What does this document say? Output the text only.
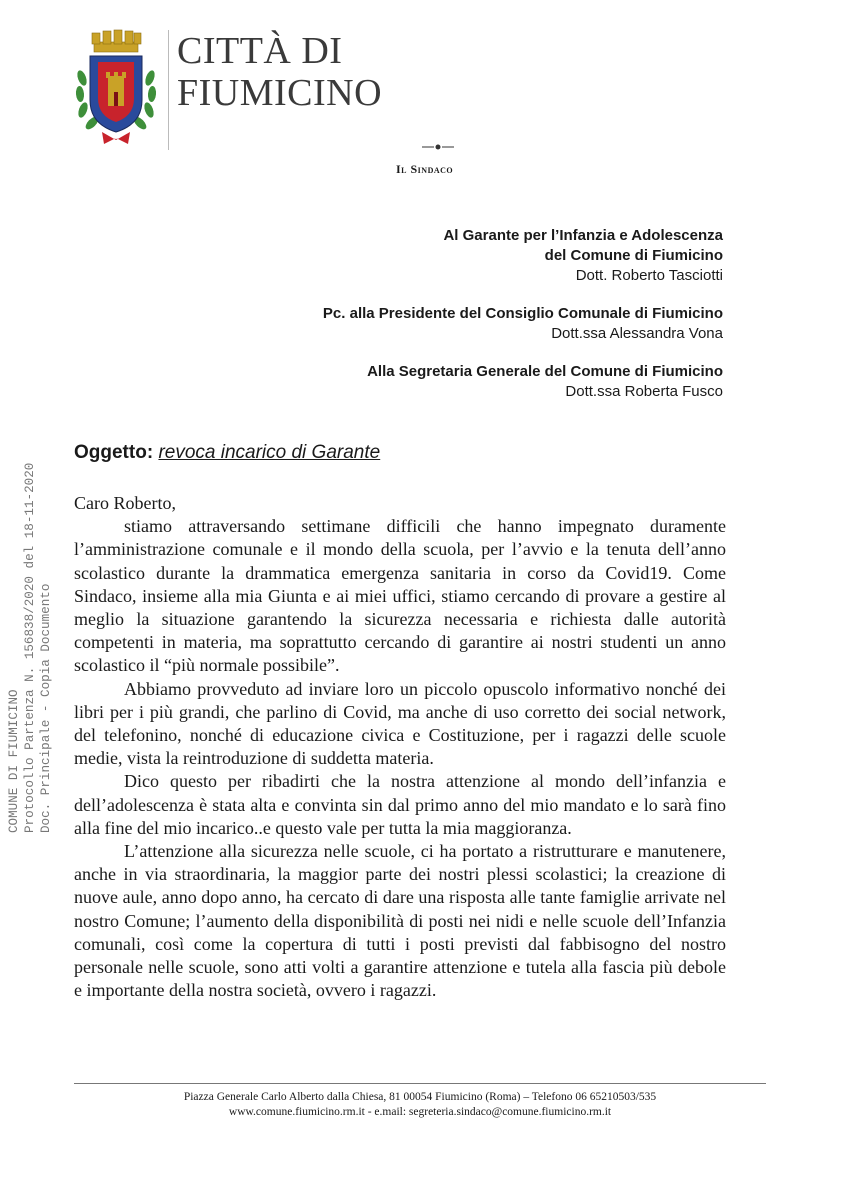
CITTÀ DI
FIUMICINO
Il Sindaco
Al Garante per l’Infanzia e Adolescenza
del Comune di Fiumicino
Dott. Roberto Tasciotti
Pc. alla Presidente del Consiglio Comunale di Fiumicino
Dott.ssa Alessandra Vona
Alla Segretaria Generale del Comune di Fiumicino
Dott.ssa Roberta Fusco
COMUNE DI FIUMICINO Protocollo Partenza N. 156838/2020 del 18-11-2020 Doc. Principale - Copia Documento
Oggetto: revoca incarico di Garante

Caro Roberto,

stiamo attraversando settimane difficili che hanno impegnato duramente l’amministrazione comunale e il mondo della scuola, per l’avvio e la tenuta dell’anno scolastico durante la drammatica emergenza sanitaria in corso da Covid19. Come Sindaco, insieme alla mia Giunta e ai miei uffici, stiamo cercando di provare a gestire al meglio la situazione garantendo la sicurezza necessaria e richiesta dalle autorità competenti in materia, ma soprattutto cercando di garantire ai nostri studenti un anno scolastico il “più normale possibile”.

Abbiamo provveduto ad inviare loro un piccolo opuscolo informativo nonché dei libri per i più grandi, che parlino di Covid, ma anche di uso corretto dei social network, del telefonino, nonché di educazione civica e Costituzione, per i ragazzi delle scuole medie, vista la reintroduzione di suddetta materia.

Dico questo per ribadirti che la nostra attenzione al mondo dell’infanzia e dell’adolescenza è stata alta e convinta sin dal primo anno del mio mandato e lo sarà fino alla fine del mio incarico..e questo vale per tutta la mia maggioranza.

L’attenzione alla sicurezza nelle scuole, ci ha portato a ristrutturare e manutenere, anche in via straordinaria, la maggior parte dei nostri plessi scolastici; la creazione di nuove aule, anno dopo anno, ha cercato di dare una risposta alle tante famiglie arrivate nel nostro Comune; l’aumento della disponibilità di posti nei nidi e nelle scuole dell’Infanzia comunali, così come la copertura di tutti i posti previsti dal fabbisogno del nostro personale nelle scuole, sono atti volti a garantire attenzione e tutela alla fascia più debole e importante della nostra società, ovvero i ragazzi.

Piazza Generale Carlo Alberto dalla Chiesa, 81 00054 Fiumicino (Roma) – Telefono 06 65210503/535
www.comune.fiumicino.rm.it - e.mail: segreteria.sindaco@comune.fiumicino.rm.it
